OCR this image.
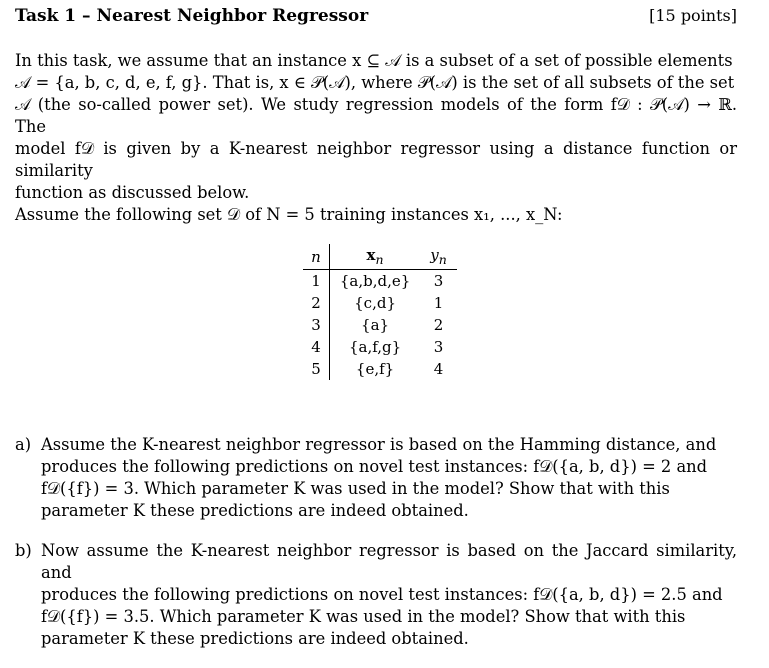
Task 1 – Nearest Neighbor Regressor	[15 points]
In this task, we assume that an instance x ⊆ 𝒜 is a subset of a set of possible elements
𝒜 = {a, b, c, d, e, f, g}. That is, x ∈ 𝒫(𝒜), where 𝒫(𝒜) is the set of all subsets of the set
𝒜 (the so-called power set). We study regression models of the form f𝒟 : 𝒫(𝒜) → ℝ. The
model f𝒟 is given by a K-nearest neighbor regressor using a distance function or similarity
function as discussed below.
Assume the following set 𝒟 of N = 5 training instances x₁, ..., x_N:
n	$x_n$	$y_n$
1	{a,b,d,e}	3
2	{c,d}	1
3	{a}	2
4	{a,f,g}	3
5	{e,f}	4
a) Assume the K-nearest neighbor regressor is based on the Hamming distance, and
produces the following predictions on novel test instances: f𝒟({a, b, d}) = 2 and
f𝒟({f}) = 3. Which parameter K was used in the model? Show that with this
parameter K these predictions are indeed obtained.
b) Now assume the K-nearest neighbor regressor is based on the Jaccard similarity, and
produces the following predictions on novel test instances: f𝒟({a, b, d}) = 2.5 and
f𝒟({f}) = 3.5. Which parameter K was used in the model? Show that with this
parameter K these predictions are indeed obtained.
